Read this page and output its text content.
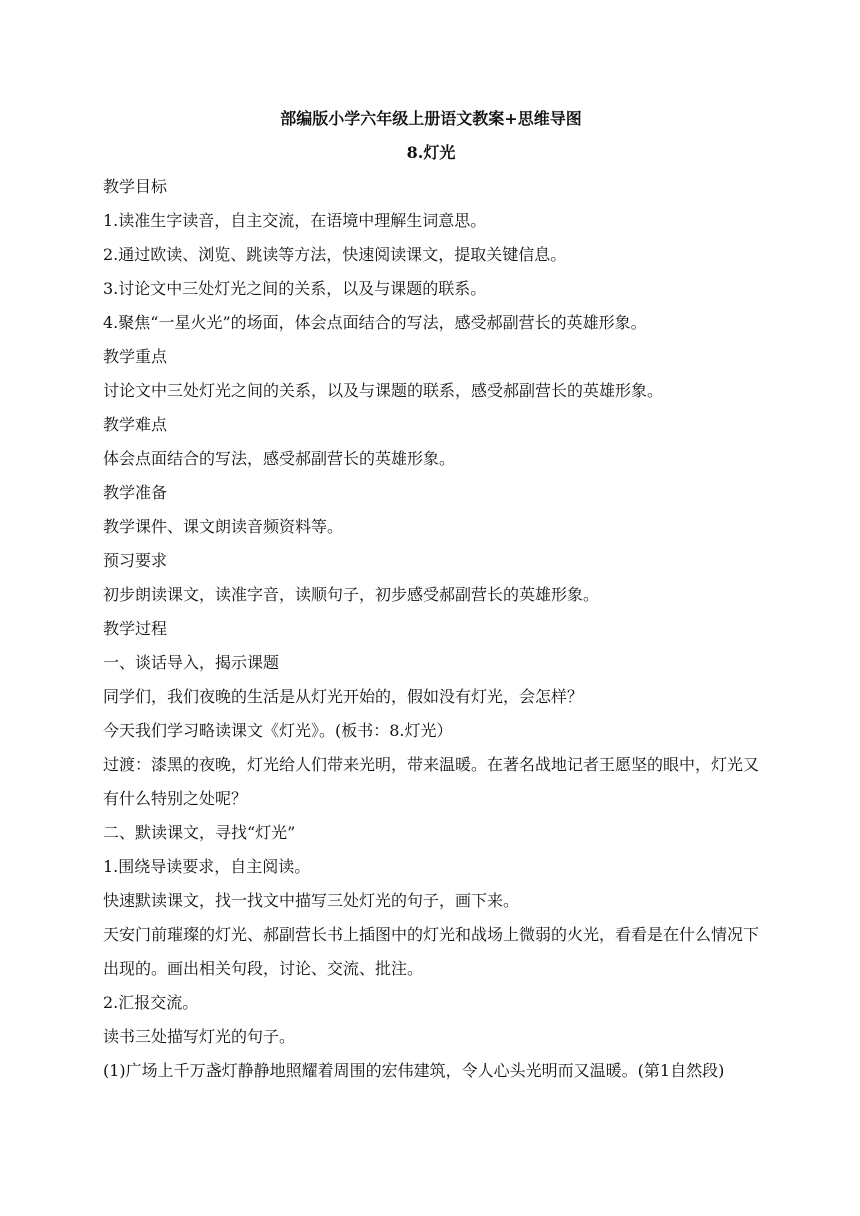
部编版小学六年级上册语文教案+思维导图
8.灯光

教学目标

1.读准生字读音，自主交流，在语境中理解生词意思。

2.通过欧读、浏览、跳读等方法，快速阅读课文，提取关键信息。

3.讨论文中三处灯光之间的关系，以及与课题的联系。

4.聚焦“一星火光”的场面，体会点面结合的写法，感受郝副营长的英雄形象。

教学重点

讨论文中三处灯光之间的关系，以及与课题的联系，感受郝副营长的英雄形象。

教学难点

体会点面结合的写法，感受郝副营长的英雄形象。

教学准备

教学课件、课文朗读音频资料等。

预习要求

初步朗读课文，读准字音，读顺句子，初步感受郝副营长的英雄形象。

教学过程

一、谈话导入，揭示课题

同学们，我们夜晚的生活是从灯光开始的，假如没有灯光，会怎样？

今天我们学习略读课文《灯光》。(板书：8.灯光）

过渡：漆黑的夜晚，灯光给人们带来光明，带来温暖。在著名战地记者王愿坚的眼中，灯光又有什么特别之处呢？

二、默读课文，寻找“灯光”

1.围绕导读要求，自主阅读。

快速默读课文，找一找文中描写三处灯光的句子，画下来。

天安门前璀璨的灯光、郝副营长书上插图中的灯光和战场上微弱的火光，看看是在什么情况下出现的。画出相关句段，讨论、交流、批注。

2.汇报交流。

读书三处描写灯光的句子。

(1)广场上千万盏灯静静地照耀着周围的宏伟建筑，令人心头光明而又温暖。(第1自然段)
